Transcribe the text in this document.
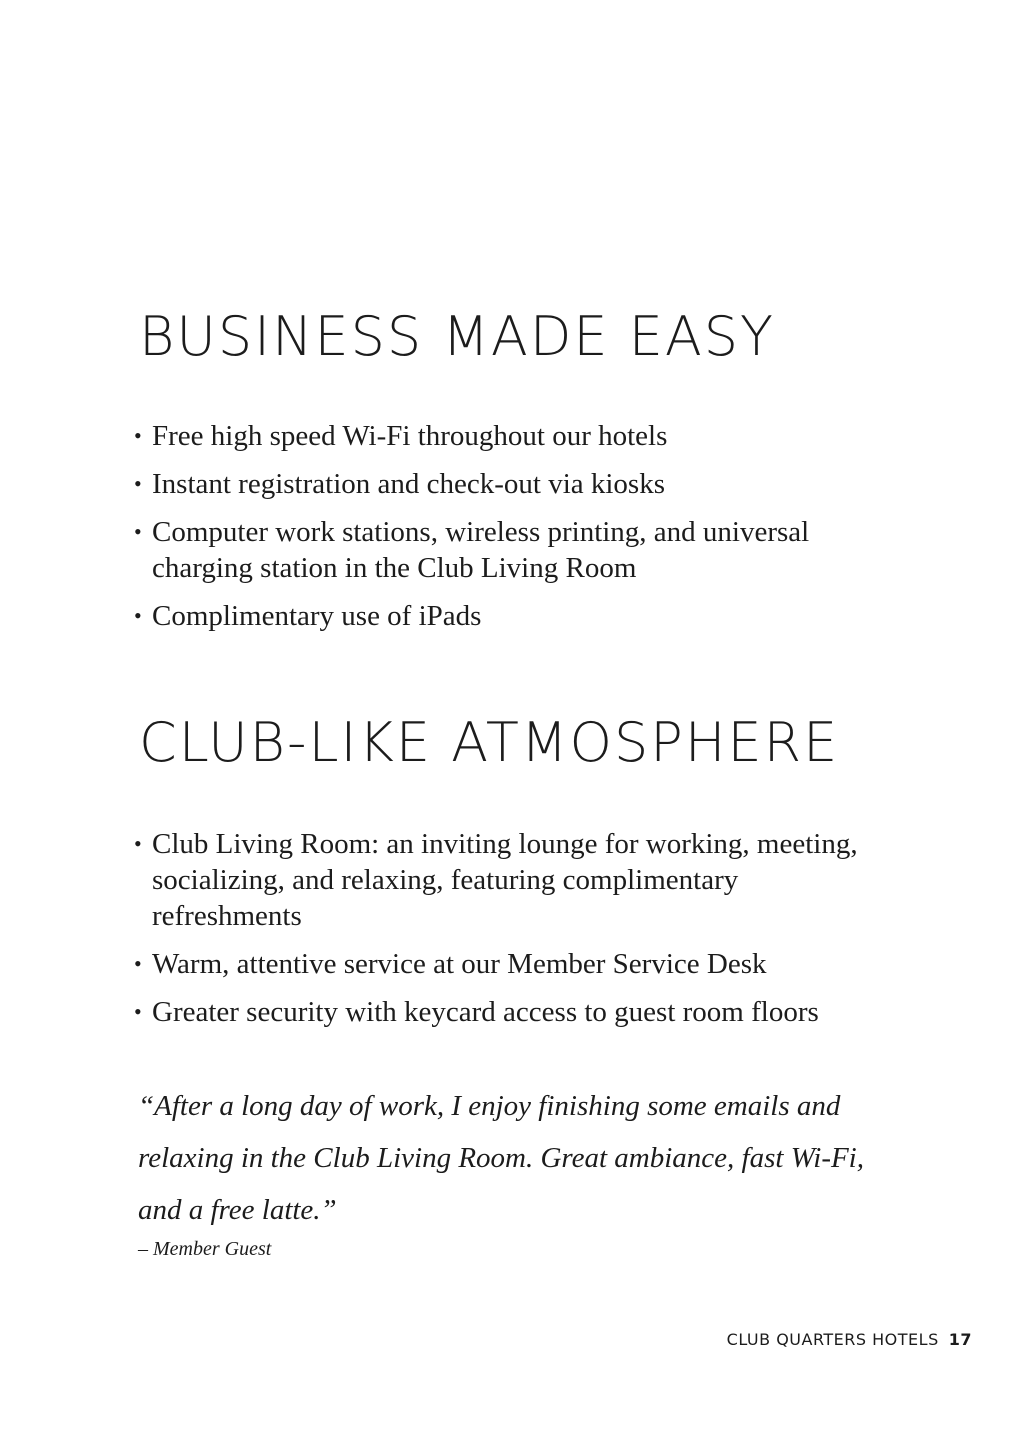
BUSINESS MADE EASY
• Free high speed Wi-Fi throughout our hotels
• Instant registration and check-out via kiosks
• Computer work stations, wireless printing, and universal charging station in the Club Living Room
• Complimentary use of iPads
CLUB-LIKE ATMOSPHERE
• Club Living Room: an inviting lounge for working, meeting, socializing, and relaxing, featuring complimentary refreshments
• Warm, attentive service at our Member Service Desk
• Greater security with keycard access to guest room floors

“After a long day of work, I enjoy finishing some emails and relaxing in the Club Living Room. Great ambiance, fast Wi-Fi, and a free latte.”

– Member Guest

CLUB QUARTERS HOTELS 17
